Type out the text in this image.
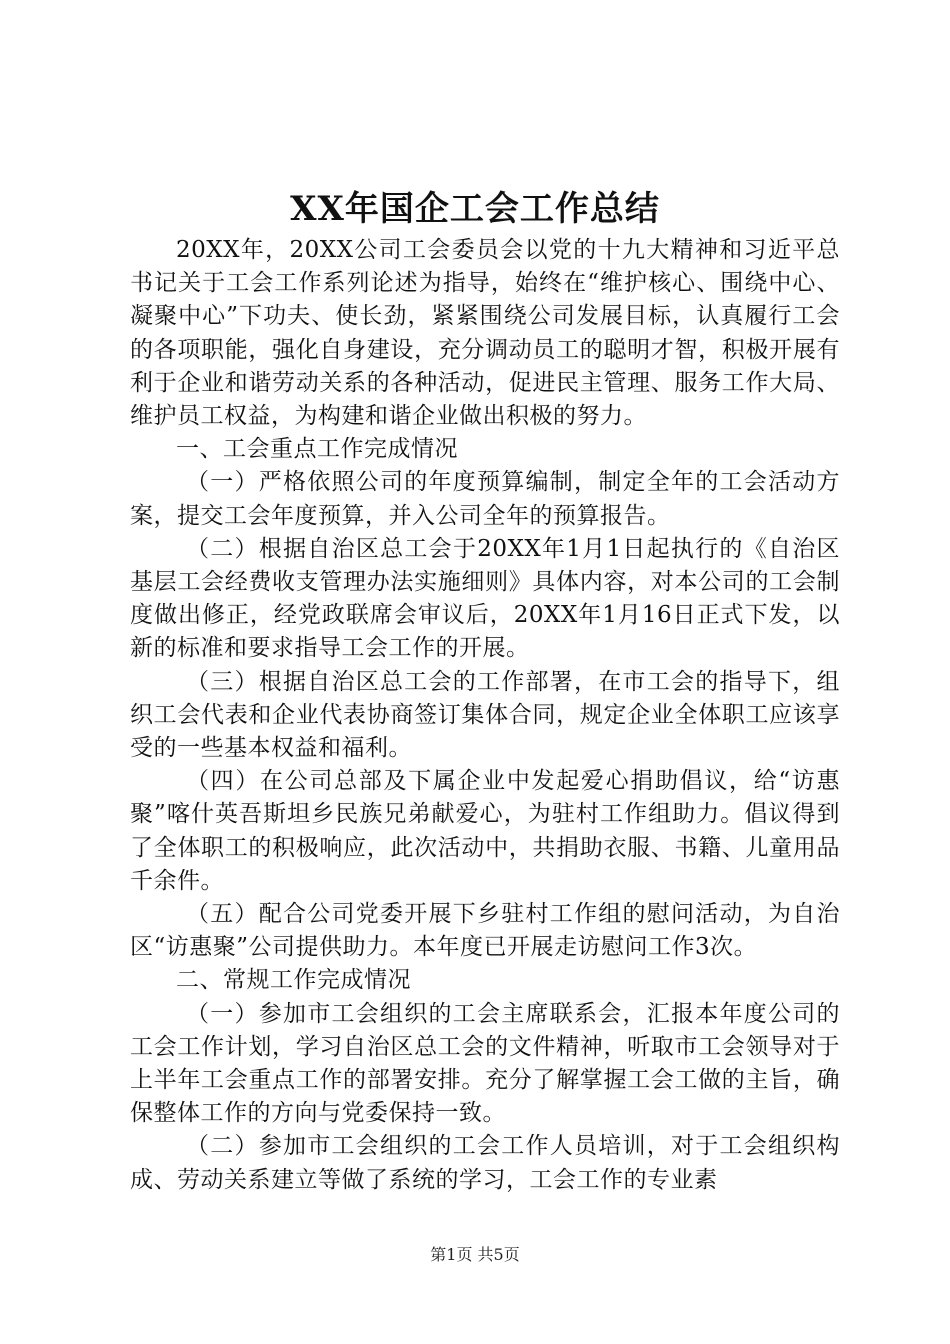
XX年国企工会工作总结

20XX年，20XX公司工会委员会以党的十九大精神和习近平总书记关于工会工作系列论述为指导，始终在“维护核心、围绕中心、凝聚中心”下功夫、使长劲，紧紧围绕公司发展目标，认真履行工会的各项职能，强化自身建设，充分调动员工的聪明才智，积极开展有利于企业和谐劳动关系的各种活动，促进民主管理、服务工作大局、维护员工权益，为构建和谐企业做出积极的努力。

一、工会重点工作完成情况

（一）严格依照公司的年度预算编制，制定全年的工会活动方案，提交工会年度预算，并入公司全年的预算报告。

（二）根据自治区总工会于20XX年1月1日起执行的《自治区基层工会经费收支管理办法实施细则》具体内容，对本公司的工会制度做出修正，经党政联席会审议后，20XX年1月16日正式下发，以新的标准和要求指导工会工作的开展。

（三）根据自治区总工会的工作部署，在市工会的指导下，组织工会代表和企业代表协商签订集体合同，规定企业全体职工应该享受的一些基本权益和福利。

（四）在公司总部及下属企业中发起爱心捐助倡议，给“访惠聚”喀什英吾斯坦乡民族兄弟献爱心，为驻村工作组助力。倡议得到了全体职工的积极响应，此次活动中，共捐助衣服、书籍、儿童用品千余件。

（五）配合公司党委开展下乡驻村工作组的慰问活动，为自治区“访惠聚”公司提供助力。本年度已开展走访慰问工作3次。

二、常规工作完成情况

（一）参加市工会组织的工会主席联系会，汇报本年度公司的工会工作计划，学习自治区总工会的文件精神，听取市工会领导对于上半年工会重点工作的部署安排。充分了解掌握工会工做的主旨，确保整体工作的方向与党委保持一致。

（二）参加市工会组织的工会工作人员培训，对于工会组织构成、劳动关系建立等做了系统的学习，工会工作的专业素

第1页 共5页
